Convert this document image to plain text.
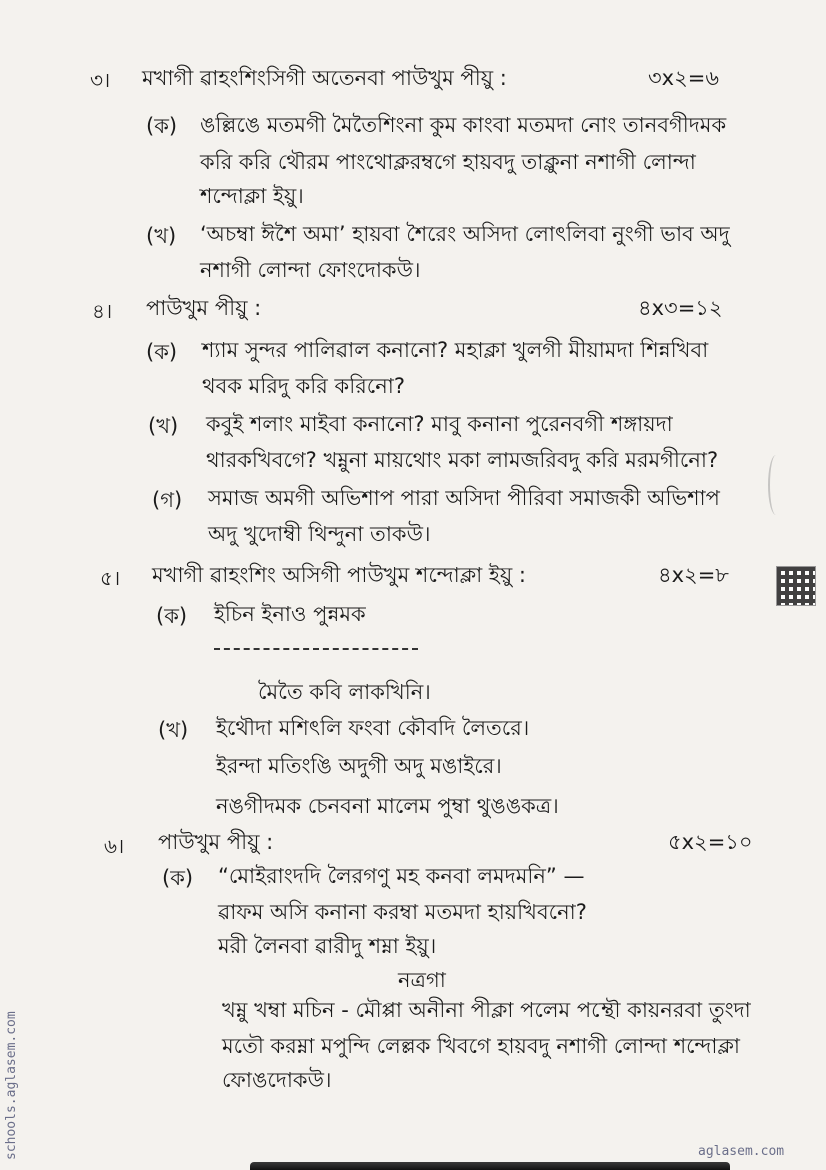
৩। মখাগী ৱাহংশিংসিগী অতেনবা পাউখুম পীয়ু :	৩x২=৬
(ক) ঙল্লিঙে মতমগী মৈতৈশিংনা কুম কাংবা মতমদা নোং তানবগীদমক
করি করি থৌরম পাংথোক্লরম্বগে হায়বদু তাক্লুনা নশাগী লোন্দা
শন্দোক্লা ইয়ু।
(খ) ‘অচম্বা ঈশৈ অমা’ হায়বা শৈরেং অসিদা লোৎলিবা নুংগী ভাব অদু
নশাগী লোন্দা ফোংদোকউ।
৪। পাউখুম পীয়ু :	৪x৩=১২
(ক) শ্যাম সুন্দর পালিৱাল কনানো? মহাক্লা খুলগী মীয়ামদা শিন্নখিবা
থবক মরিদু করি করিনো?
(খ) কবুই শলাং মাইবা কনানো? মাবু কনানা পুরেনবগী শঙ্গায়দা
থারকখিবগে? খম্নুনা মায়থোং মকা লামজরিবদু করি মরমগীনো?
(গ) সমাজ অমগী অভিশাপ পারা অসিদা পীরিবা সমাজকী অভিশাপ
অদু খুদোম্বী থিন্দুনা তাকউ।
৫। মখাগী ৱাহংশিং অসিগী পাউখুম শন্দোক্লা ইয়ু :	৪x২=৮
(ক) ইচিন ইনাও পুন্নমক
মৈতৈ কবি লাকখিনি।
(খ) ইথৌদা মশিৎলি ফংবা কৌবদি লৈতরে।
ইরন্দা মতিংঙি অদুগী অদু মঙাইরে।
নঙগীদমক চেনবনা মালেম পুম্বা থুঙঙকত্র।
৬। পাউখুম পীয়ু :	৫x২=১০
(ক) “মোইরাংদদি লৈরগণু মহ কনবা লমদমনি” —
ৱাফম অসি কনানা করম্বা মতমদা হায়খিবনো?
মরী লৈনবা ৱারীদু শম্না ইয়ু।
নত্রগা
খম্নু খম্বা মচিন - মৌপ্পা অনীনা পীক্লা পলেম পম্থৌ কায়নরবা তুংদা
মতৌ করম্না মপুন্দি লেল্লক খিবগে হায়বদু নশাগী লোন্দা শন্দোক্লা
ফোঙদোকউ।
schools.aglasem.com	aglasem.com
